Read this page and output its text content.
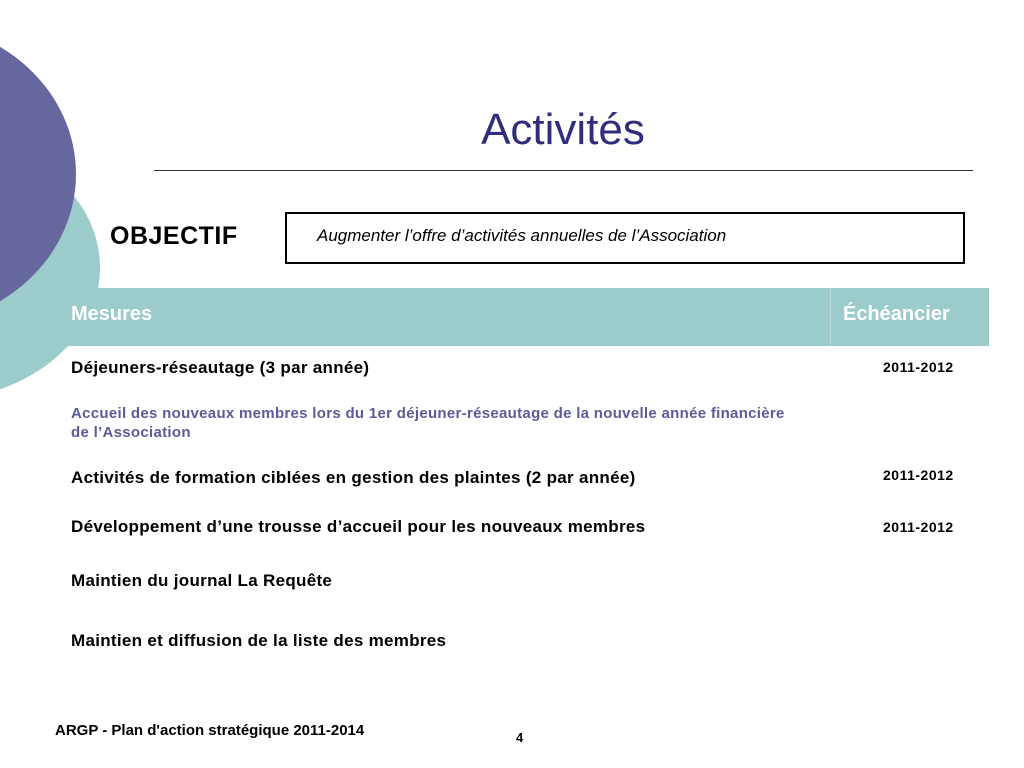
Activités
OBJECTIF	Augmenter l’offre d’activités annuelles de l’Association
Mesures	Échéancier
Déjeuners-réseautage (3 par année)	2011-2012
Accueil des nouveaux membres lors du 1er déjeuner-réseautage de la nouvelle année financière de l’Association
Activités de formation ciblées en gestion des plaintes (2 par année)	2011-2012
Développement d’une trousse d’accueil pour les nouveaux membres	2011-2012
Maintien du journal La Requête
Maintien et diffusion de la liste des membres
ARGP - Plan d'action stratégique 2011-2014	4
